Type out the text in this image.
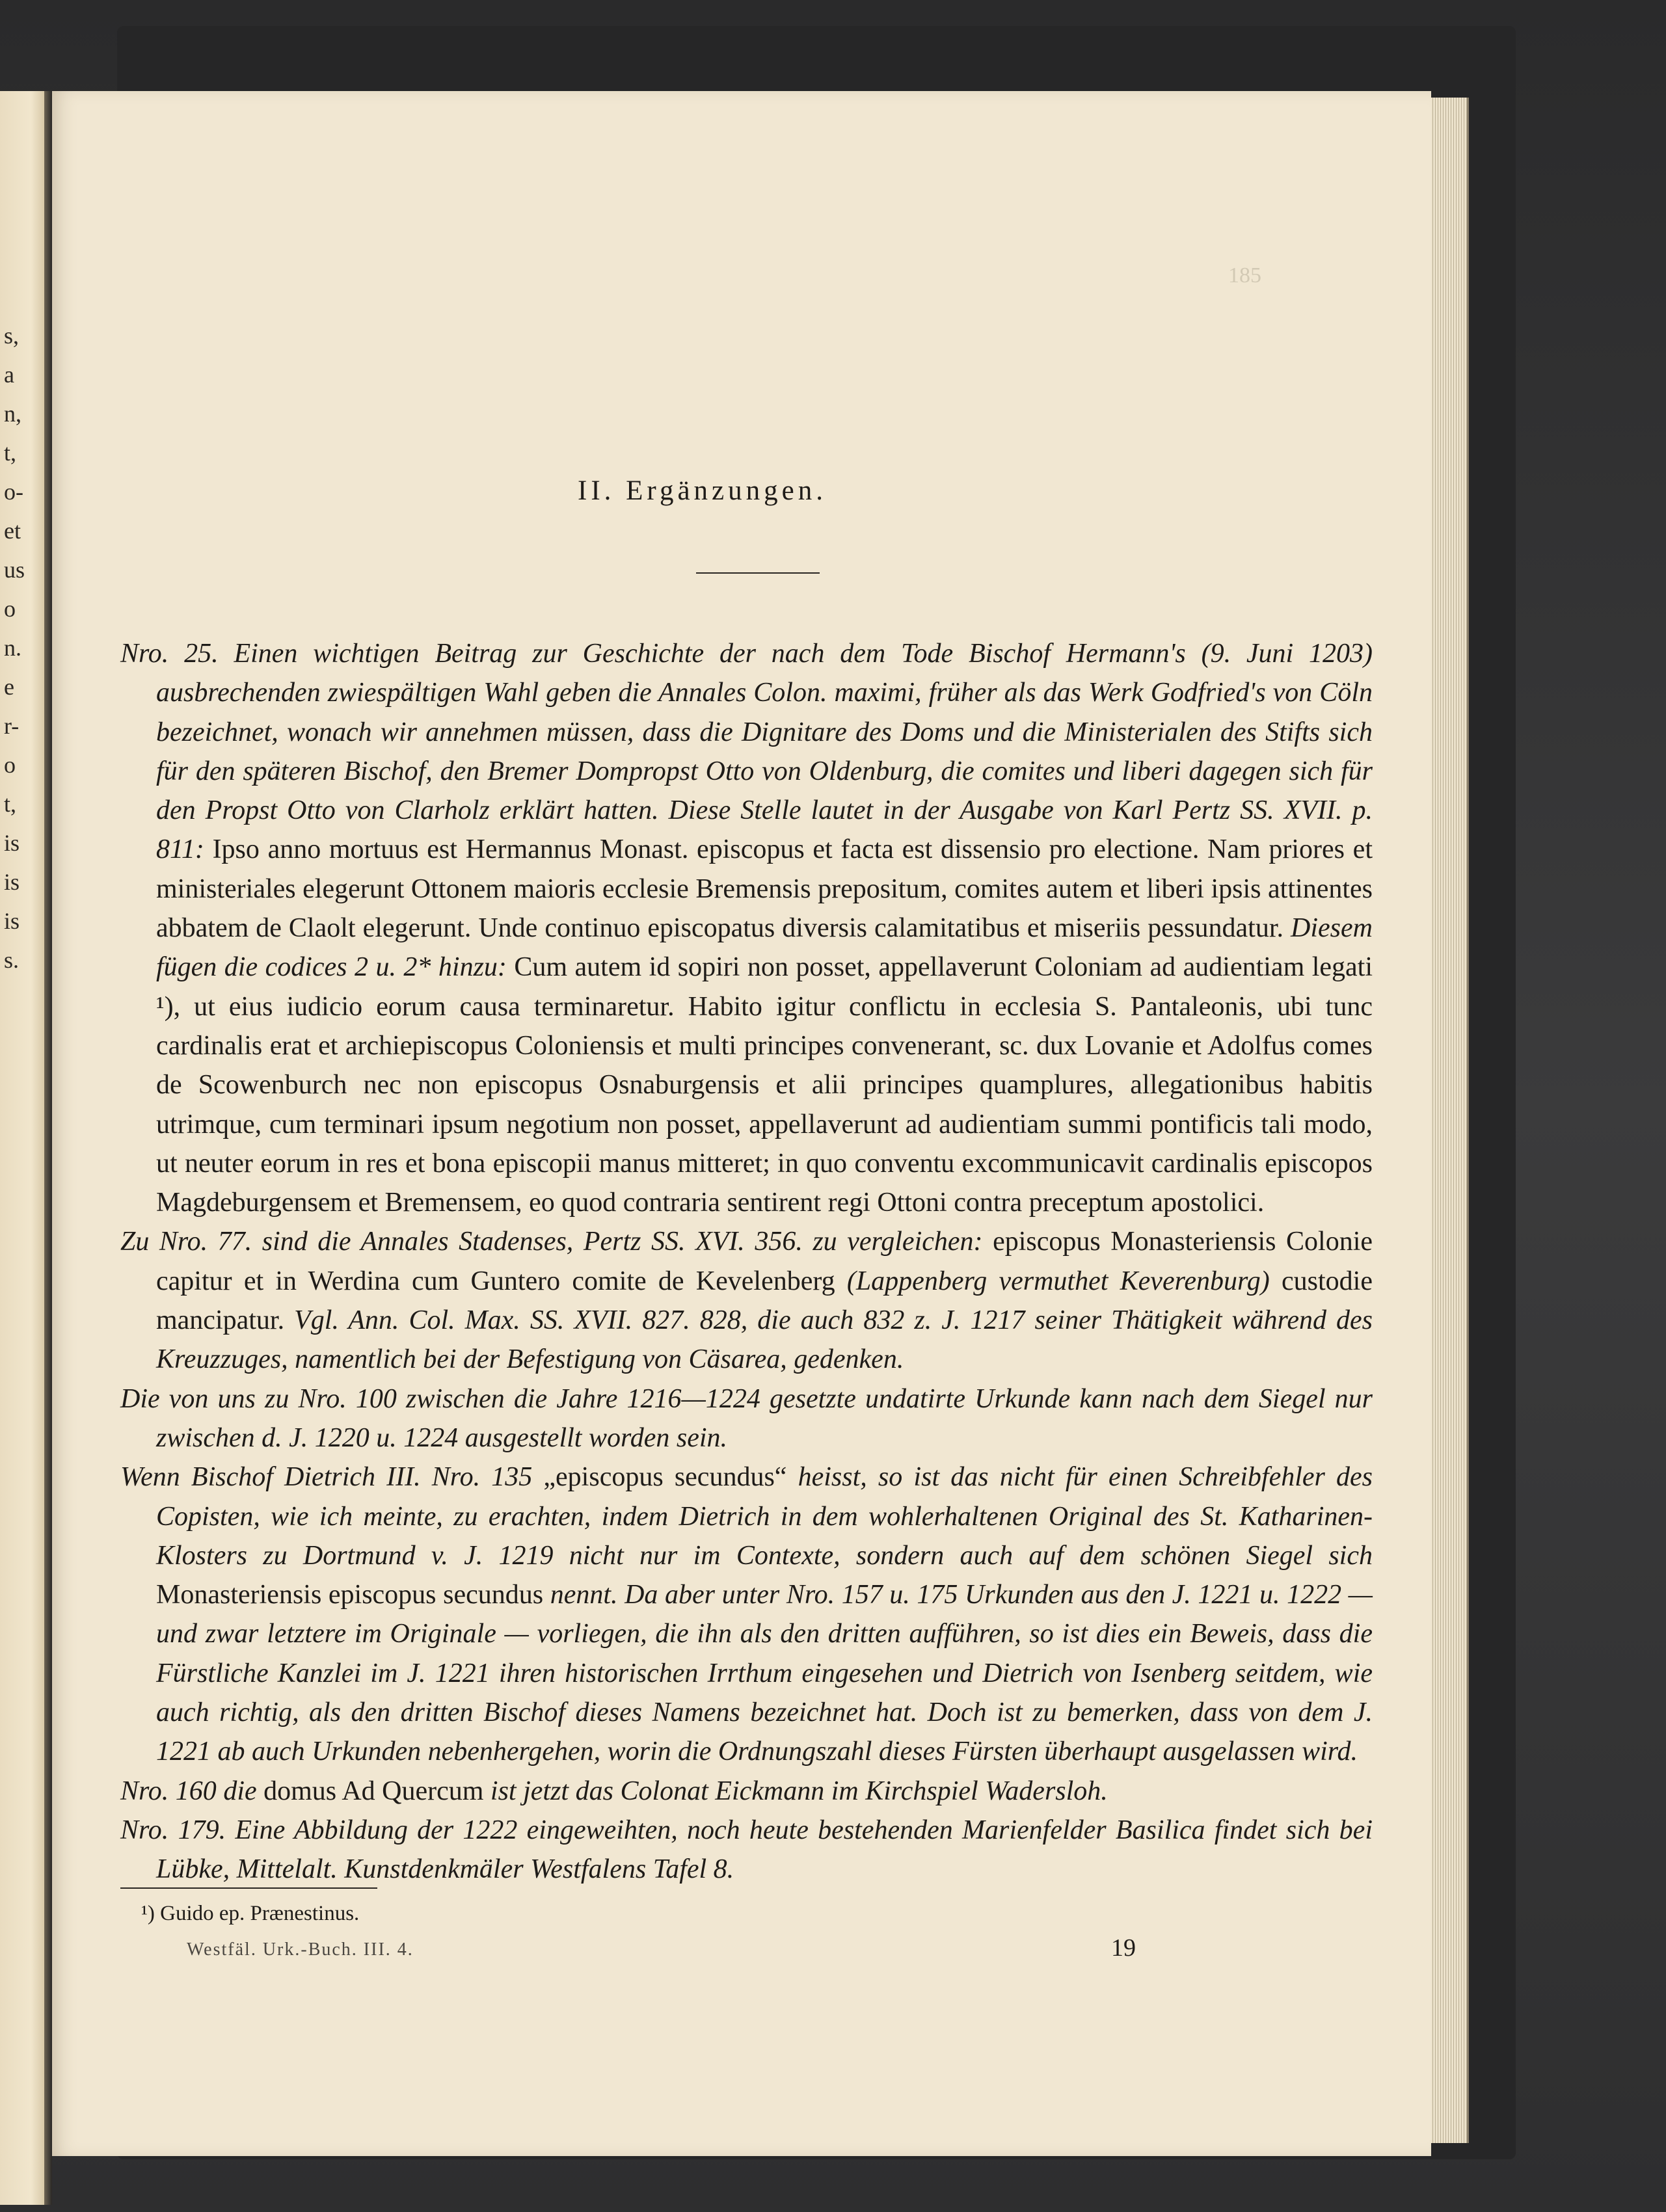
s,
a
n,
t,
o-
et
us
o
n.
e
r-
o
t,
is
is
is
s.
185
II. Ergänzungen.

Nro. 25. Einen wichtigen Beitrag zur Geschichte der nach dem Tode Bischof Hermann's (9. Juni 1203) ausbrechenden zwiespältigen Wahl geben die Annales Colon. maximi, früher als das Werk Godfried's von Cöln bezeichnet, wonach wir annehmen müssen, dass die Dignitare des Doms und die Ministerialen des Stifts sich für den späteren Bischof, den Bremer Dompropst Otto von Oldenburg, die comites und liberi dagegen sich für den Propst Otto von Clarholz erklärt hatten. Diese Stelle lautet in der Ausgabe von Karl Pertz SS. XVII. p. 811: Ipso anno mortuus est Hermannus Monast. episcopus et facta est dissensio pro electione. Nam priores et ministeriales elegerunt Ottonem maioris ecclesie Bremensis prepositum, comites autem et liberi ipsis attinentes abbatem de Claolt elegerunt. Unde continuo episcopatus diversis calamitatibus et miseriis pessundatur. Diesem fügen die codices 2 u. 2* hinzu: Cum autem id sopiri non posset, appellaverunt Coloniam ad audientiam legati ¹), ut eius iudicio eorum causa terminaretur. Habito igitur conflictu in ecclesia S. Pantaleonis, ubi tunc cardinalis erat et archiepiscopus Coloniensis et multi principes convenerant, sc. dux Lovanie et Adolfus comes de Scowenburch nec non episcopus Osnaburgensis et alii principes quamplures, allegationibus habitis utrimque, cum terminari ipsum negotium non posset, appellaverunt ad audientiam summi pontificis tali modo, ut neuter eorum in res et bona episcopii manus mitteret; in quo conventu excommunicavit cardinalis episcopos Magdeburgensem et Bremensem, eo quod contraria sentirent regi Ottoni contra preceptum apostolici.

Zu Nro. 77. sind die Annales Stadenses, Pertz SS. XVI. 356. zu vergleichen: episcopus Monasteriensis Colonie capitur et in Werdina cum Guntero comite de Kevelenberg (Lappenberg vermuthet Keverenburg) custodie mancipatur. Vgl. Ann. Col. Max. SS. XVII. 827. 828, die auch 832 z. J. 1217 seiner Thätigkeit während des Kreuzzuges, namentlich bei der Befestigung von Cäsarea, gedenken.

Die von uns zu Nro. 100 zwischen die Jahre 1216—1224 gesetzte undatirte Urkunde kann nach dem Siegel nur zwischen d. J. 1220 u. 1224 ausgestellt worden sein.

Wenn Bischof Dietrich III. Nro. 135 „episcopus secundus“ heisst, so ist das nicht für einen Schreibfehler des Copisten, wie ich meinte, zu erachten, indem Dietrich in dem wohlerhaltenen Original des St. Katharinen-Klosters zu Dortmund v. J. 1219 nicht nur im Contexte, sondern auch auf dem schönen Siegel sich Monasteriensis episcopus secundus nennt. Da aber unter Nro. 157 u. 175 Urkunden aus den J. 1221 u. 1222 — und zwar letztere im Originale — vorliegen, die ihn als den dritten aufführen, so ist dies ein Beweis, dass die Fürstliche Kanzlei im J. 1221 ihren historischen Irrthum eingesehen und Dietrich von Isenberg seitdem, wie auch richtig, als den dritten Bischof dieses Namens bezeichnet hat. Doch ist zu bemerken, dass von dem J. 1221 ab auch Urkunden nebenhergehen, worin die Ordnungszahl dieses Fürsten überhaupt ausgelassen wird.

Nro. 160 die domus Ad Quercum ist jetzt das Colonat Eickmann im Kirchspiel Wadersloh.

Nro. 179. Eine Abbildung der 1222 eingeweihten, noch heute bestehenden Marienfelder Basilica findet sich bei Lübke, Mittelalt. Kunstdenkmäler Westfalens Tafel 8.

¹) Guido ep. Prænestinus.
Westfäl. Urk.-Buch. III. 4.	19
